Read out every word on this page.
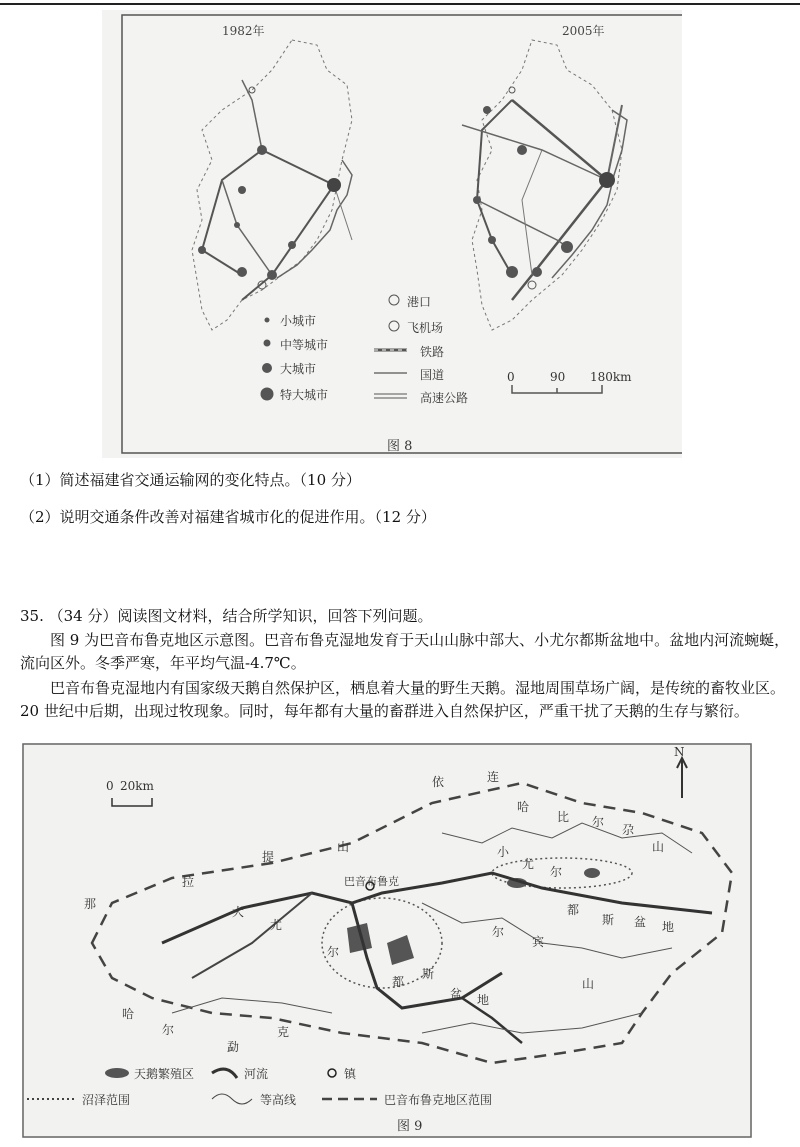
1982年	2005年
小城市
中等城市
大城市
特大城市
港口
飞机场
铁路
国道
高速公路
0	90 180km
图 8
（1）简述福建省交通运输网的变化特点。（10 分）
（2）说明交通条件改善对福建省城市化的促进作用。（12 分）
35. （34 分）阅读图文材料，结合所学知识，回答下列问题。
图 9 为巴音布鲁克地区示意图。巴音布鲁克湿地发育于天山山脉中部大、小尤尔都斯盆地中。盆地内河流蜿蜒，流向区外。冬季严寒，年平均气温-4.7℃。
巴音布鲁克湿地内有国家级天鹅自然保护区，栖息着大量的野生天鹅。湿地周围草场广阔，是传统的畜牧业区。20 世纪中后期，出现过牧现象。同时，每年都有大量的畜群进入自然保护区，严重干扰了天鹅的生存与繁衍。
0 20km
N
巴音布鲁克
那
拉
提
山
依	连
哈
比 尔
尕
山
小
尤
尔
都
斯 盆 地
大
尤
尔
都
斯
盆 地
尔
宾
山
哈
尔
勐
克
天鹅繁殖区	河流	镇
沼泽范围	等高线	巴音布鲁克地区范围
图 9
